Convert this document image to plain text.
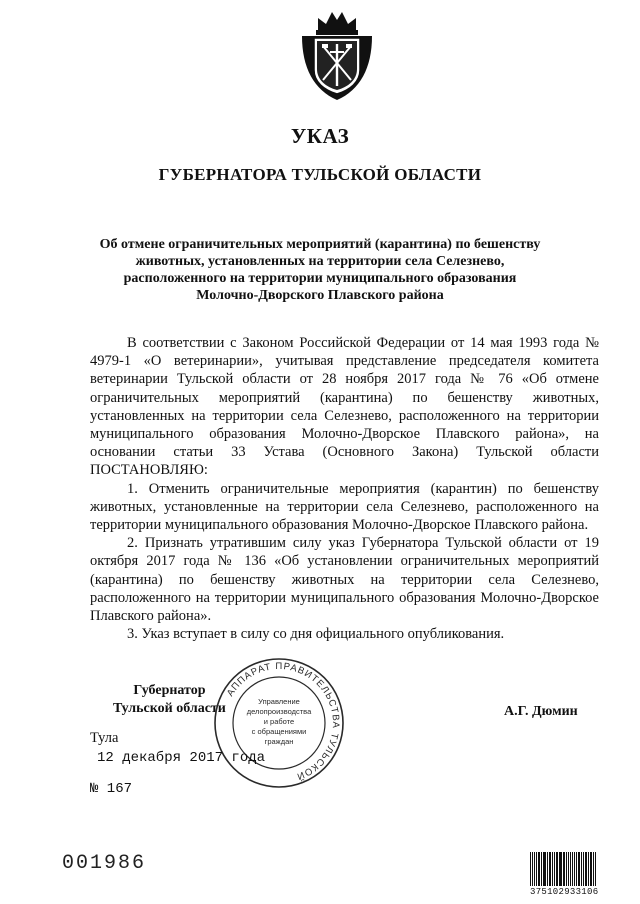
УКАЗ
ГУБЕРНАТОРА ТУЛЬСКОЙ ОБЛАСТИ
Об отмене ограничительных мероприятий (карантина) по бешенству
животных, установленных на территории села Селезнево,
расположенного на территории муниципального образования
Молочно-Дворского Плавского района

В соответствии с Законом Российской Федерации от 14 мая 1993 года № 4979-1 «О ветеринарии», учитывая представление председателя комитета ветеринарии Тульской области от 28 ноября 2017 года № 76 «Об отмене ограничительных мероприятий (карантина) по бешенству животных, установленных на территории села Селезнево, расположенного на территории муниципального образования Молочно-Дворское Плавского района», на основании статьи 33 Устава (Основного Закона) Тульской области ПОСТАНОВЛЯЮ:

1. Отменить ограничительные мероприятия (карантин) по бешенству животных, установленные на территории села Селезнево, расположенного на территории муниципального образования Молочно-Дворское Плавского района.

2. Признать утратившим силу указ Губернатора Тульской области от 19 октября 2017 года № 136 «Об установлении ограничительных мероприятий (карантина) по бешенству животных на территории села Селезнево, расположенного на территории муниципального образования Молочно-Дворское Плавского района».

3. Указ вступает в силу со дня официального опубликования.

Губернатор
Тульской области
АППАРАТ ПРАВИТЕЛЬСТВА ТУЛЬСКОЙ
Управление
делопроизводства
и работе
с обращениями
граждан
А.Г. Дюмин
Тула
12 декабря 2017 года
№ 167
001986
375102933106
